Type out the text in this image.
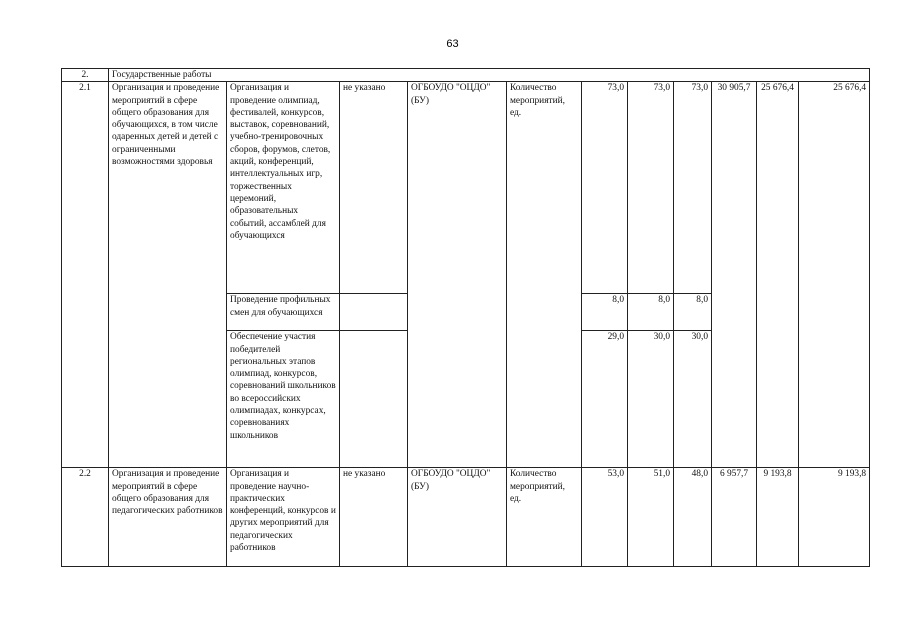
63
2.	Государственные работы										
2.1	Организация и проведение мероприятий в сфере общего образования для обучающихся, в том числе одаренных детей и детей с ограниченными возможностями здоровья	Организация и проведение олимпиад, фестивалей, конкурсов, выставок, соревнований, учебно-тренировочных сборов, форумов, слетов, акций, конференций, интеллектуальных игр, торжественных церемоний, образовательных событий, ассамблей для обучающихся	не указано	ОГБОУДО "ОЦДО" (БУ)	Количество мероприятий, ед.	73,0	73,0	73,0	30 905,7	25 676,4	25 676,4
		Проведение профильных смен для обучающихся				8,0	8,0	8,0			
		Обеспечение участия победителей региональных этапов олимпиад, конкурсов, соревнований школьников во всероссийских олимпиадах, конкурсах, соревнованиях школьников				29,0	30,0	30,0			
2.2	Организация и проведение мероприятий в сфере общего образования для педагогических работников	Организация и проведение научно-практических конференций, конкурсов и других мероприятий для педагогических работников	не указано	ОГБОУДО "ОЦДО" (БУ)	Количество мероприятий, ед.	53,0	51,0	48,0	6 957,7	9 193,8	9 193,8
